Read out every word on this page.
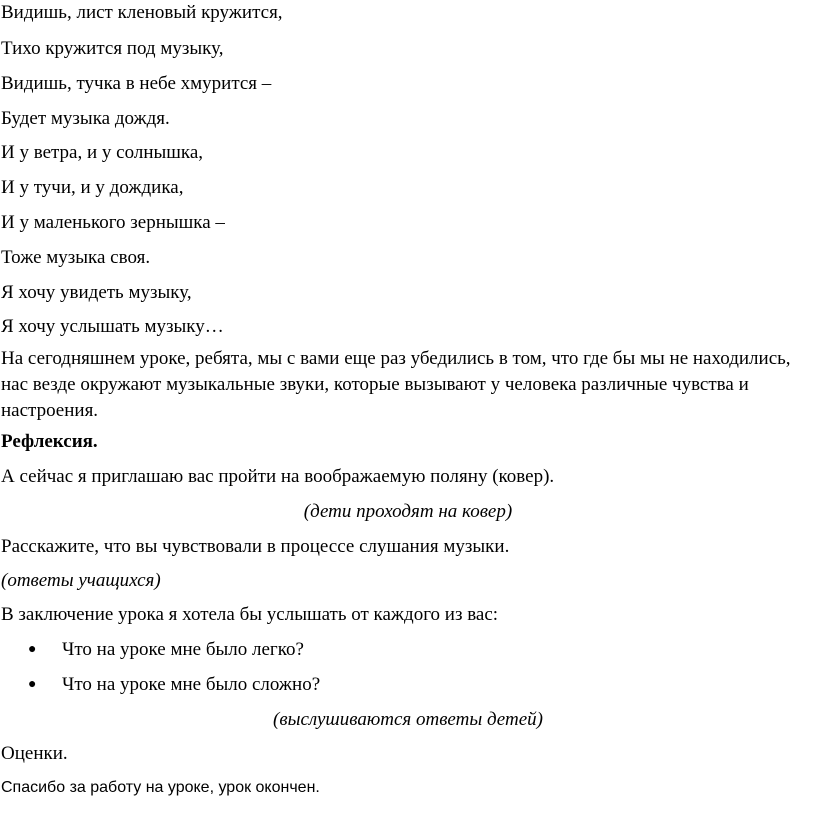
Видишь, лист кленовый кружится,
Тихо кружится под музыку,
Видишь, тучка в небе хмурится –
Будет музыка дождя.
И у ветра, и у солнышка,
И у тучи, и у дождика,
И у маленького зернышка –
Тоже музыка своя.
Я хочу увидеть музыку,
Я хочу услышать музыку…
На сегодняшнем уроке, ребята, мы с вами еще раз убедились в том, что где бы мы не находились, нас везде окружают музыкальные звуки, которые вызывают у человека различные чувства и настроения.
Рефлексия.
А сейчас я приглашаю вас пройти на воображаемую поляну (ковер).
(дети проходят на ковер)
Расскажите, что вы чувствовали в процессе слушания музыки.
(ответы учащихся)
В заключение урока я хотела бы услышать от каждого из вас:
● Что на уроке мне было легко?
● Что на уроке мне было сложно?
(выслушиваются ответы детей)
Оценки.
Спасибо за работу на уроке, урок окончен.
